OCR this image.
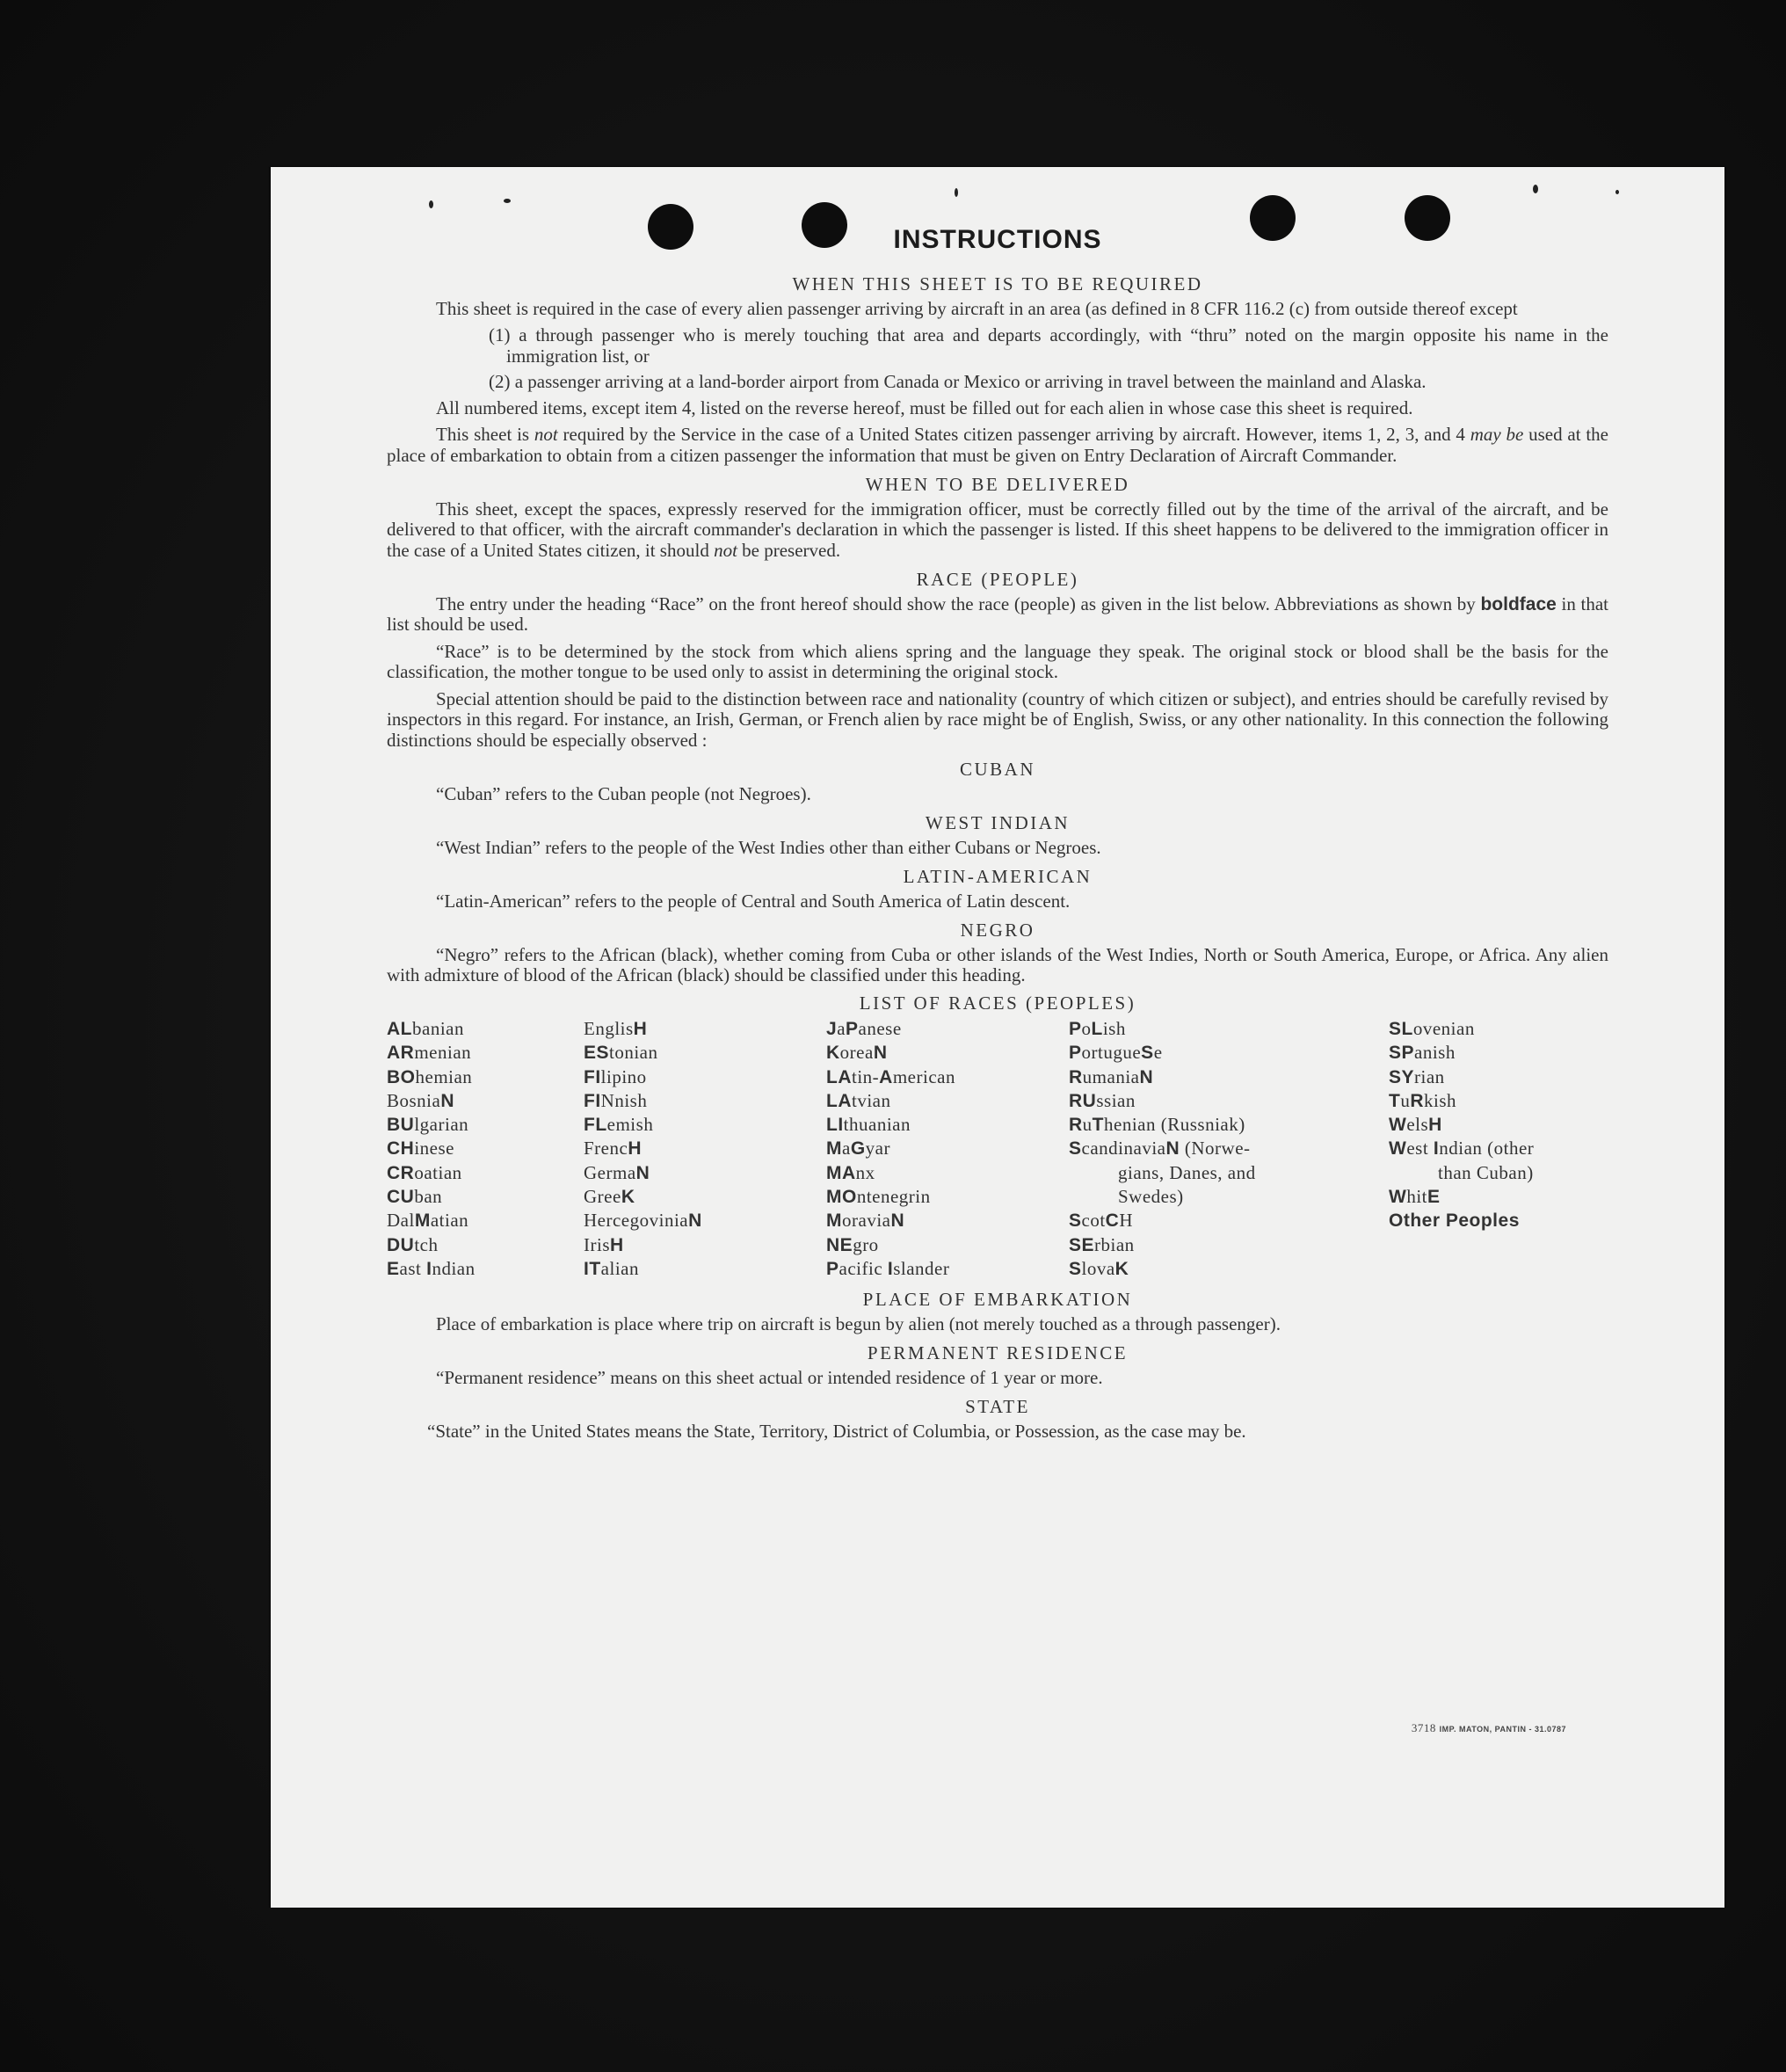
INSTRUCTIONS
WHEN THIS SHEET IS TO BE REQUIRED

This sheet is required in the case of every alien passenger arriving by aircraft in an area (as defined in 8 CFR 116.2 (c) from outside thereof except

(1) a through passenger who is merely touching that area and departs accordingly, with “thru” noted on the margin opposite his name in the immigration list, or

(2) a passenger arriving at a land-border airport from Canada or Mexico or arriving in travel between the mainland and Alaska.

All numbered items, except item 4, listed on the reverse hereof, must be filled out for each alien in whose case this sheet is required.

This sheet is not required by the Service in the case of a United States citizen passenger arriving by aircraft. However, items 1, 2, 3, and 4 may be used at the place of embarkation to obtain from a citizen passenger the information that must be given on Entry Declaration of Aircraft Commander.

WHEN TO BE DELIVERED

This sheet, except the spaces, expressly reserved for the immigration officer, must be correctly filled out by the time of the arrival of the aircraft, and be delivered to that officer, with the aircraft commander's declaration in which the passenger is listed. If this sheet happens to be delivered to the immigration officer in the case of a United States citizen, it should not be preserved.

RACE (PEOPLE)

The entry under the heading “Race” on the front hereof should show the race (people) as given in the list below. Abbreviations as shown by boldface in that list should be used.

“Race” is to be determined by the stock from which aliens spring and the language they speak. The original stock or blood shall be the basis for the classification, the mother tongue to be used only to assist in determining the original stock.

Special attention should be paid to the distinction between race and nationality (country of which citizen or subject), and entries should be carefully revised by inspectors in this regard. For instance, an Irish, German, or French alien by race might be of English, Swiss, or any other nationality. In this connection the following distinctions should be especially observed :

CUBAN

“Cuban” refers to the Cuban people (not Negroes).

WEST INDIAN

“West Indian” refers to the people of the West Indies other than either Cubans or Negroes.

LATIN-AMERICAN

“Latin-American” refers to the people of Central and South America of Latin descent.

NEGRO

“Negro” refers to the African (black), whether coming from Cuba or other islands of the West Indies, North or South America, Europe, or Africa. Any alien with admixture of blood of the African (black) should be classified under this heading.

LIST OF RACES (PEOPLES)
ALbanian
ARmenian
BOhemian
BosniaN
BUlgarian
CHinese
CRoatian
CUban
DalMatian
DUtch
East Indian
EnglisH
EStonian
FIlipino
FINnish
FLemish
FrencH
GermaN
GreeK
HercegoviniaN
IrisH
ITalian
JaPanese
KoreaN
LAtin-American
LAtvian
LIthuanian
MaGyar
MAnx
MOntenegrin
MoraviaN
NEgro
Pacific Islander
PoLish
PortugueSe
RumaniaN
RUssian
RuThenian (Russniak)
ScandinaviaN (Norwe-
gians, Danes, and
Swedes)
ScotCH
SErbian
SlovaK
SLovenian
SPanish
SYrian
TuRkish
WelsH
West Indian (other
than Cuban)
WhitE
Other Peoples
PLACE OF EMBARKATION

Place of embarkation is place where trip on aircraft is begun by alien (not merely touched as a through passenger).

PERMANENT RESIDENCE

“Permanent residence” means on this sheet actual or intended residence of 1 year or more.

STATE

“State” in the United States means the State, Territory, District of Columbia, or Possession, as the case may be.

3718 IMP. MATON, PANTIN - 31.0787
